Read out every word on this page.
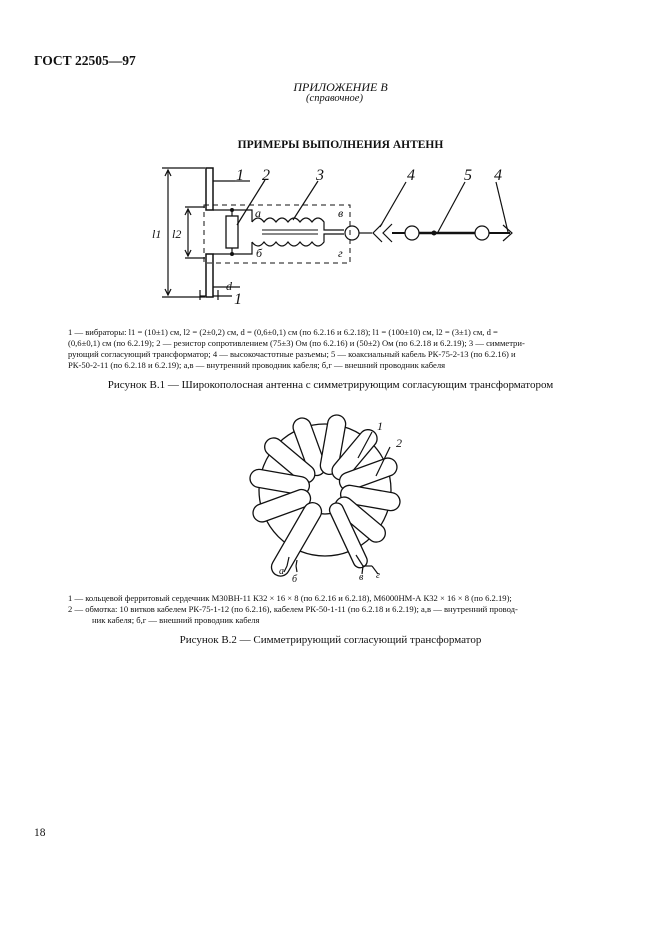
ГОСТ 22505—97
ПРИЛОЖЕНИЕ В
(справочное)
ПРИМЕРЫ ВЫПОЛНЕНИЯ АНТЕНН
1 2	3	4	5 4
1
l1 l2
d
а
б
в
г
1 — вибраторы: l1 = (10±1) см, l2 = (2±0,2) см, d = (0,6±0,1) см (по 6.2.16 и 6.2.18); l1 = (100±10) см, l2 = (3±1) см, d =
(0,6±0,1) см (по 6.2.19); 2 — резистор сопротивлением (75±3) Ом (по 6.2.16) и (50±2) Ом (по 6.2.18 и 6.2.19); 3 — симметри-
рующий согласующий трансформатор; 4 — высокочастотные разъемы; 5 — коаксиальный кабель РК-75-2-13 (по 6.2.16) и
РК-50-2-11 (по 6.2.18 и 6.2.19); а,в — внутренний проводник кабеля; б,г — внешний проводник кабеля
Рисунок В.1 — Широкополосная антенна с симметрирующим согласующим трансформатором
1
2
а
б	в г
1 — кольцевой ферритовый сердечник М30ВН-11 К32 × 16 × 8 (по 6.2.16 и 6.2.18), М6000НМ-А К32 × 16 × 8 (по 6.2.19);
2 — обмотка: 10 витков кабелем РК-75-1-12 (по 6.2.16), кабелем РК-50-1-11 (по 6.2.18 и 6.2.19); а,в — внутренний провод-
ник кабеля; б,г — внешний проводник кабеля
Рисунок В.2 — Симметрирующий согласующий трансформатор
18
